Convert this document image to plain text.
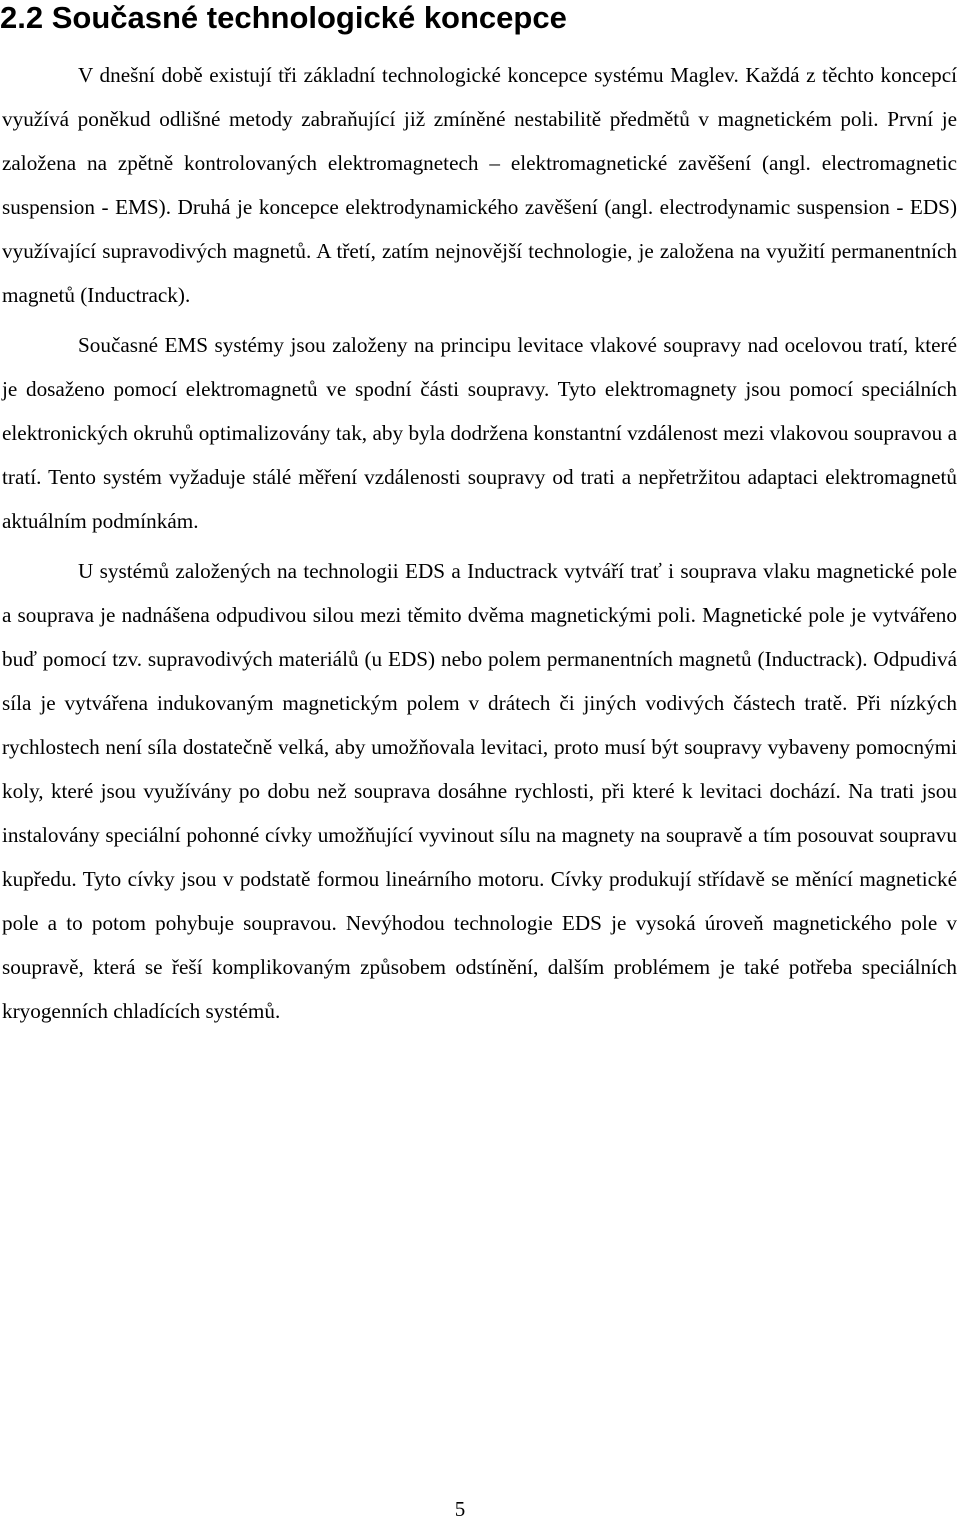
2.2 Současné technologické koncepce

V dnešní době existují tři základní technologické koncepce systému Maglev. Každá z těchto koncepcí využívá poněkud odlišné metody zabraňující již zmíněné nestabilitě předmětů v magnetickém poli. První je založena na zpětně kontrolovaných elektromagnetech – elektromagnetické zavěšení (angl. electromagnetic suspension - EMS). Druhá je koncepce elektrodynamického zavěšení (angl. electrodynamic suspension - EDS) využívající supravodivých magnetů. A třetí, zatím nejnovější technologie, je založena na využití permanentních magnetů (Inductrack).

Současné EMS systémy jsou založeny na principu levitace vlakové soupravy nad ocelovou tratí, které je dosaženo pomocí elektromagnetů ve spodní části soupravy. Tyto elektromagnety jsou pomocí speciálních elektronických okruhů optimalizovány tak, aby byla dodržena konstantní vzdálenost mezi vlakovou soupravou a tratí. Tento systém vyžaduje stálé měření vzdálenosti soupravy od trati a nepřetržitou adaptaci elektromagnetů aktuálním podmínkám.

U systémů založených na technologii EDS a Inductrack vytváří trať i souprava vlaku magnetické pole a souprava je nadnášena odpudivou silou mezi těmito dvěma magnetickými poli. Magnetické pole je vytvářeno buď pomocí tzv. supravodivých materiálů (u EDS) nebo polem permanentních magnetů (Inductrack). Odpudivá síla je vytvářena indukovaným magnetickým polem v drátech či jiných vodivých částech tratě. Při nízkých rychlostech není síla dostatečně velká, aby umožňovala levitaci, proto musí být soupravy vybaveny pomocnými koly, které jsou využívány po dobu než souprava dosáhne rychlosti, při které k levitaci dochází. Na trati jsou instalovány speciální pohonné cívky umožňující vyvinout sílu na magnety na soupravě a tím posouvat soupravu kupředu. Tyto cívky jsou v podstatě formou lineárního motoru. Cívky produkují střídavě se měnící magnetické pole a to potom pohybuje soupravou. Nevýhodou technologie EDS je vysoká úroveň magnetického pole v soupravě, která se řeší komplikovaným způsobem odstínění, dalším problémem je také potřeba speciálních kryogenních chladících systémů.

5
